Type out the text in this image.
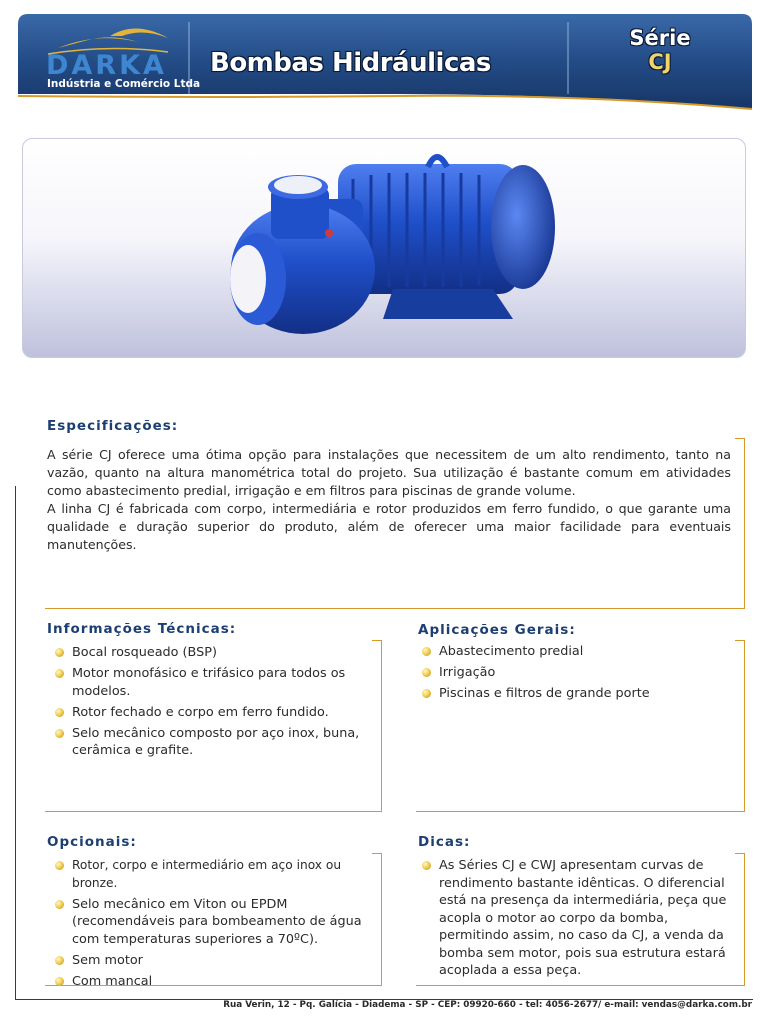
DARKA
Indústria e Comércio Ltda
Bombas Hidráulicas
Série
CJ
Especificações:
A série CJ oferece uma ótima opção para instalações que necessitem de um alto rendimento, tanto na vazão, quanto na altura manométrica total do projeto. Sua utilização é bastante comum em atividades como abastecimento predial, irrigação e em filtros para piscinas de grande volume.
A linha CJ é fabricada com corpo, intermediária e rotor produzidos em ferro fundido, o que garante uma qualidade e duração superior do produto, além de oferecer uma maior facilidade para eventuais manutenções.
Informações Técnicas:
Bocal rosqueado (BSP)
Motor monofásico e trifásico para todos os modelos.
Rotor fechado e corpo em ferro fundido.
Selo mecânico composto por aço inox, buna, cerâmica e grafite.
Aplicações Gerais:
Abastecimento predial
Irrigação
Piscinas e filtros de grande porte
Opcionais:
Rotor, corpo e intermediário em aço inox ou bronze.
Selo mecânico em Viton ou EPDM (recomendáveis para bombeamento de água com temperaturas superiores a 70ºC).
Sem motor
Com mancal
Dicas:
As Séries CJ e CWJ apresentam curvas de rendimento bastante idênticas. O diferencial está na presença da intermediária, peça que acopla o motor ao corpo da bomba, permitindo assim, no caso da CJ, a venda da bomba sem motor, pois sua estrutura estará acoplada a essa peça.
Rua Verin, 12 - Pq. Galícia - Diadema - SP - CEP: 09920-660 - tel: 4056-2677/ e-mail: vendas@darka.com.br
